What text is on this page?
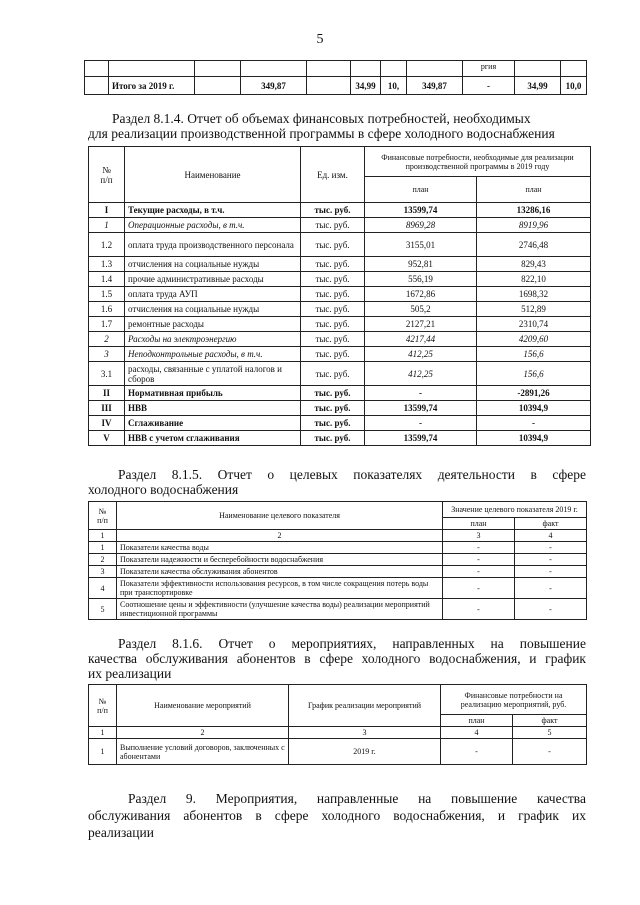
5
								ргия		
	Итого за 2019 г.		349,87		34,99	10,	349,87	-	34,99	10,0
Раздел 8.1.4. Отчет об объемах финансовых потребностей, необходимых
для реализации производственной программы в сфере холодного водоснабжения
№
п/п	Наименование	Ед. изм.	Финансовые потребности, необходимые для реализации производственной программы в 2019 году	
			план	план
I	Текущие расходы, в т.ч.	тыс. руб.	13599,74	13286,16
1	Операционные расходы, в т.ч.	тыс. руб.	8969,28	8919,96
1.2	оплата труда производственного персонала	тыс. руб.	3155,01	2746,48
1.3	отчисления на социальные нужды	тыс. руб.	952,81	829,43
1.4	прочие административные расходы	тыс. руб.	556,19	822,10
1.5	оплата труда АУП	тыс. руб.	1672,86	1698,32
1.6	отчисления на социальные нужды	тыс. руб.	505,2	512,89
1.7	ремонтные расходы	тыс. руб.	2127,21	2310,74
2	Расходы на электроэнергию	тыс. руб.	4217,44	4209,60
3	Неподконтрольные расходы, в т.ч.	тыс. руб.	412,25	156,6
3.1	расходы, связанные с уплатой налогов и сборов	тыс. руб.	412,25	156,6
II	Нормативная прибыль	тыс. руб.	-	-2891,26
III	НВВ	тыс. руб.	13599,74	10394,9
IV	Сглаживание	тыс. руб.	-	-
V	НВВ с учетом сглаживания	тыс. руб.	13599,74	10394,9
Раздел 8.1.5. Отчет о целевых показателях деятельности в сфере
холодного водоснабжения
№
п/п	Наименование целевого показателя	Значение целевого показателя 2019 г.	
		план	факт
1	2	3	4
1	Показатели качества воды	-	-
2	Показатели надежности и бесперебойности водоснабжения	-	-
3	Показатели качества обслуживания абонентов	-	-
4	Показатели эффективности использования ресурсов, в том числе сокращения потерь воды при транспортировке	-	-
5	Соотношение цены и эффективности (улучшение качества воды) реализации мероприятий инвестиционной программы	-	-
Раздел 8.1.6. Отчет о мероприятиях, направленных на повышение
качества обслуживания абонентов в сфере холодного водоснабжения, и график
их реализации
№
п/п	Наименование мероприятий	График реализации мероприятий	Финансовые потребности на реализацию мероприятий, руб.	
			план	факт
1	2	3	4	5
1	Выполнение условий договоров, заключенных с абонентами	2019 г.	-	-
Раздел 9. Мероприятия, направленные на повышение качества
обслуживания абонентов в сфере холодного водоснабжения, и график их
реализации
